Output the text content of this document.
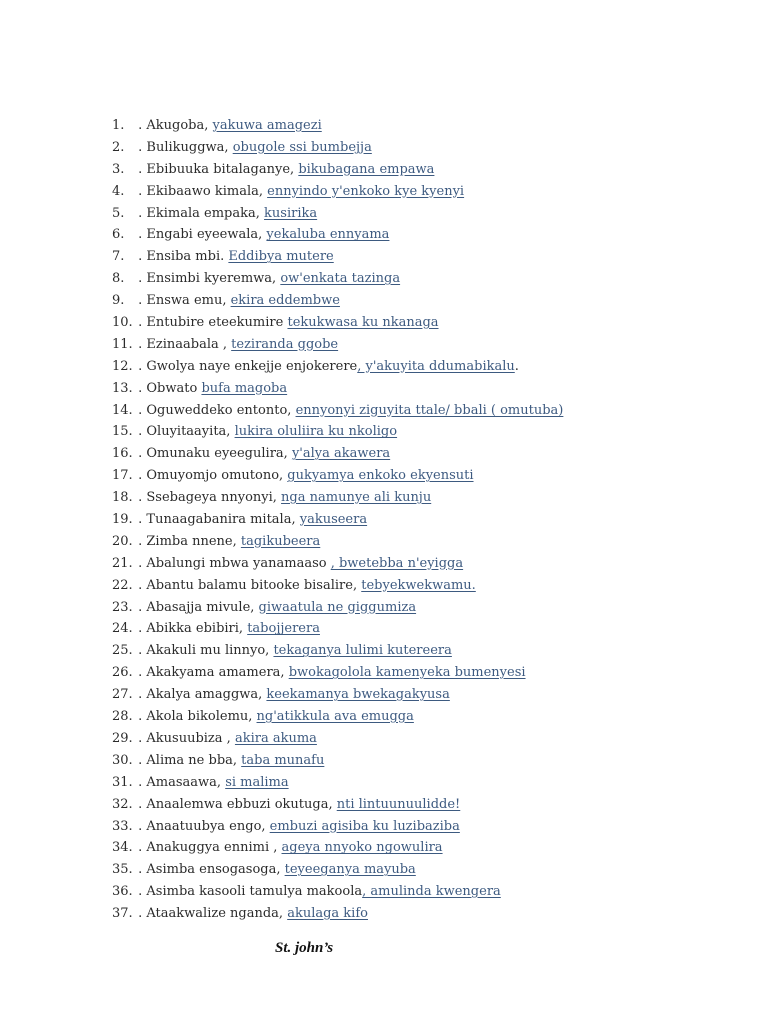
1. . Akugoba, yakuwa amagezi
2. . Bulikuggwa, obugole ssi bumbejja
3. . Ebibuuka bitalaganye, bikubagana empawa
4. . Ekibaawo kimala, ennyindo y'enkoko kye kyenyi
5. . Ekimala empaka, kusirika
6. . Engabi eyeewala, yekaluba ennyama
7. . Ensiba mbi. Eddibya mutere
8. . Ensimbi kyeremwa, ow'enkata tazinga
9. . Enswa emu, ekira eddembwe
10. . Entubire eteekumire tekukwasa ku nkanaga
11. . Ezinaabala , teziranda ggobe
12. . Gwolya naye enkejje enjokerere, y'akuyita ddumabikalu.
13. . Obwato bufa magoba
14. . Oguweddeko entonto, ennyonyi ziguyita ttale/ bbali ( omutuba)
15. . Oluyitaayita, lukira oluliira ku nkoligo
16. . Omunaku eyeegulira, y'alya akawera
17. . Omuyomjo omutono, gukyamya enkoko ekyensuti
18. . Ssebageya nnyonyi, nga namunye ali kunju
19. . Tunaagabanira mitala, yakuseera
20. . Zimba nnene, tagikubeera
21. . Abalungi mbwa yanamaaso , bwetebba n'eyigga
22. . Abantu balamu bitooke bisalire, tebyekwekwamu.
23. . Abasajja mivule, giwaatula ne giggumiza
24. . Abikka ebibiri, tabojjerera
25. . Akakuli mu linnyo, tekaganya lulimi kutereera
26. . Akakyama amamera, bwokagolola kamenyeka bumenyesi
27. . Akalya amaggwa, keekamanya bwekagakyusa
28. . Akola bikolemu, ng'atikkula ava emugga
29. . Akusuubiza , akira akuma
30. . Alima ne bba, taba munafu
31. . Amasaawa, si malima
32. . Anaalemwa ebbuzi okutuga, nti lintuunuulidde!
33. . Anaatuubya engo, embuzi agisiba ku luzibaziba
34. . Anakuggya ennimi , ageya nnyoko ngowulira
35. . Asimba ensogasoga, teyeeganya mayuba
36. . Asimba kasooli tamulya makoola, amulinda kwengera
37. . Ataakwalize nganda, akulaga kifo
St. john’s
